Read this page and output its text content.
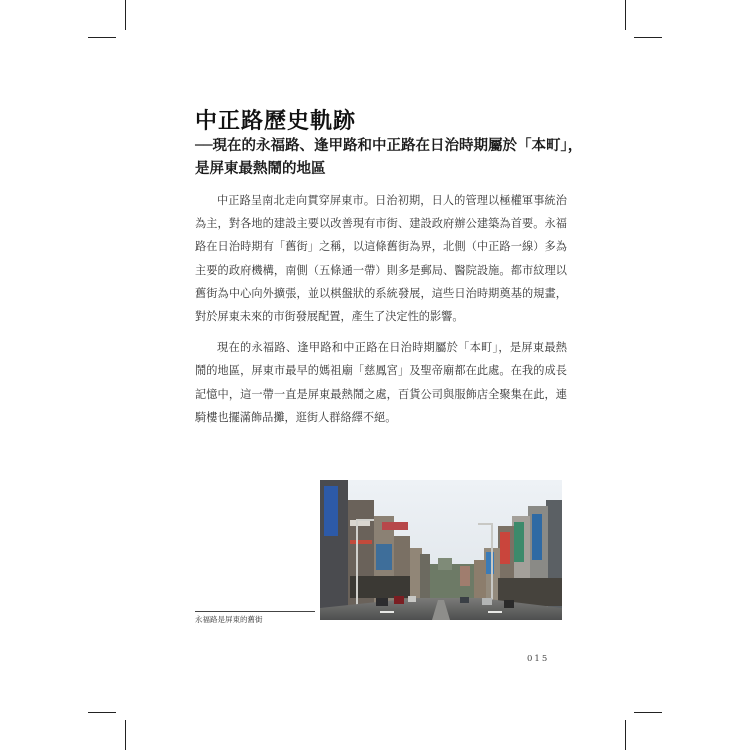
中正路歷史軌跡

──現在的永福路、逢甲路和中正路在日治時期屬於「本町」，是屏東最熱鬧的地區

中正路呈南北走向貫穿屏東市。日治初期，日人的管理以極權軍事統治為主，對各地的建設主要以改善現有市街、建設政府辦公建築為首要。永福路在日治時期有「舊街」之稱，以這條舊街為界，北側（中正路一線）多為主要的政府機構，南側（五條通一帶）則多是郵局、醫院設施。都市紋理以舊街為中心向外擴張，並以棋盤狀的系統發展，這些日治時期奠基的規畫，對於屏東未來的市街發展配置，產生了決定性的影響。

現在的永福路、逢甲路和中正路在日治時期屬於「本町」，是屏東最熱鬧的地區，屏東市最早的媽祖廟「慈鳳宮」及聖帝廟都在此處。在我的成長記憶中，這一帶一直是屏東最熱鬧之處，百貨公司與服飾店全聚集在此，連騎樓也擺滿飾品攤，逛街人群絡繹不絕。

永福路是屏東的舊街
015
